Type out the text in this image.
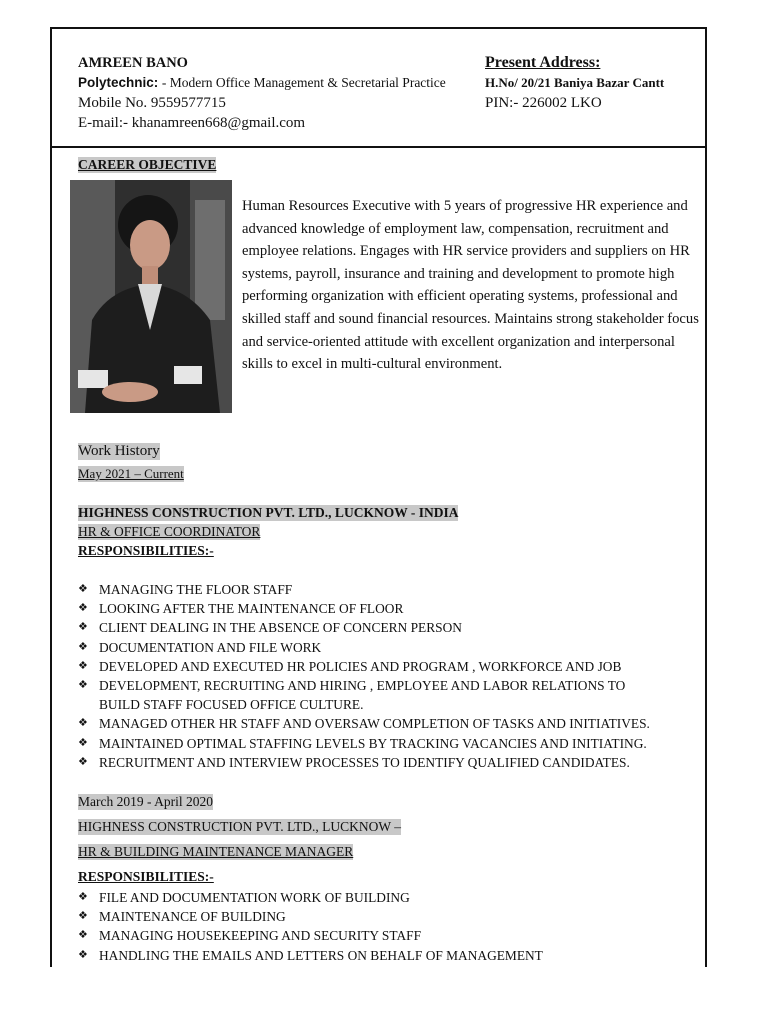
AMREEN BANO
Polytechnic: - Modern Office Management & Secretarial Practice
Mobile No. 9559577715
E-mail:- khanamreen668@gmail.com
Present Address:
H.No/ 20/21 Baniya Bazar Cantt
PIN:- 226002 LKO
CAREER OBJECTIVE
Human Resources Executive with 5 years of progressive HR experience and advanced knowledge of employment law, compensation, recruitment and employee relations. Engages with HR service providers and suppliers on HR systems, payroll, insurance and training and development to promote high performing organization with efficient operating systems, professional and skilled staff and sound financial resources. Maintains strong stakeholder focus and service-oriented attitude with excellent organization and interpersonal skills to excel in multi-cultural environment.
Work History
May 2021 – Current
HIGHNESS CONSTRUCTION PVT. LTD., LUCKNOW - INDIA
HR & OFFICE COORDINATOR
RESPONSIBILITIES:-
❖ MANAGING THE FLOOR STAFF
❖ LOOKING AFTER THE MAINTENANCE OF FLOOR
❖ CLIENT DEALING IN THE ABSENCE OF CONCERN PERSON
❖ DOCUMENTATION AND FILE WORK
❖ DEVELOPED AND EXECUTED HR POLICIES AND PROGRAM , WORKFORCE AND JOB
❖ DEVELOPMENT, RECRUITING AND HIRING , EMPLOYEE AND LABOR RELATIONS TO BUILD STAFF FOCUSED OFFICE CULTURE.
❖ MANAGED OTHER HR STAFF AND OVERSAW COMPLETION OF TASKS AND INITIATIVES.
❖ MAINTAINED OPTIMAL STAFFING LEVELS BY TRACKING VACANCIES AND INITIATING.
❖ RECRUITMENT AND INTERVIEW PROCESSES TO IDENTIFY QUALIFIED CANDIDATES.
March 2019 - April 2020
HIGHNESS CONSTRUCTION PVT. LTD., LUCKNOW –
HR & BUILDING MAINTENANCE MANAGER
RESPONSIBILITIES:-
❖ FILE AND DOCUMENTATION WORK OF BUILDING
❖ MAINTENANCE OF BUILDING
❖ MANAGING HOUSEKEEPING AND SECURITY STAFF
❖ HANDLING THE EMAILS AND LETTERS ON BEHALF OF MANAGEMENT
